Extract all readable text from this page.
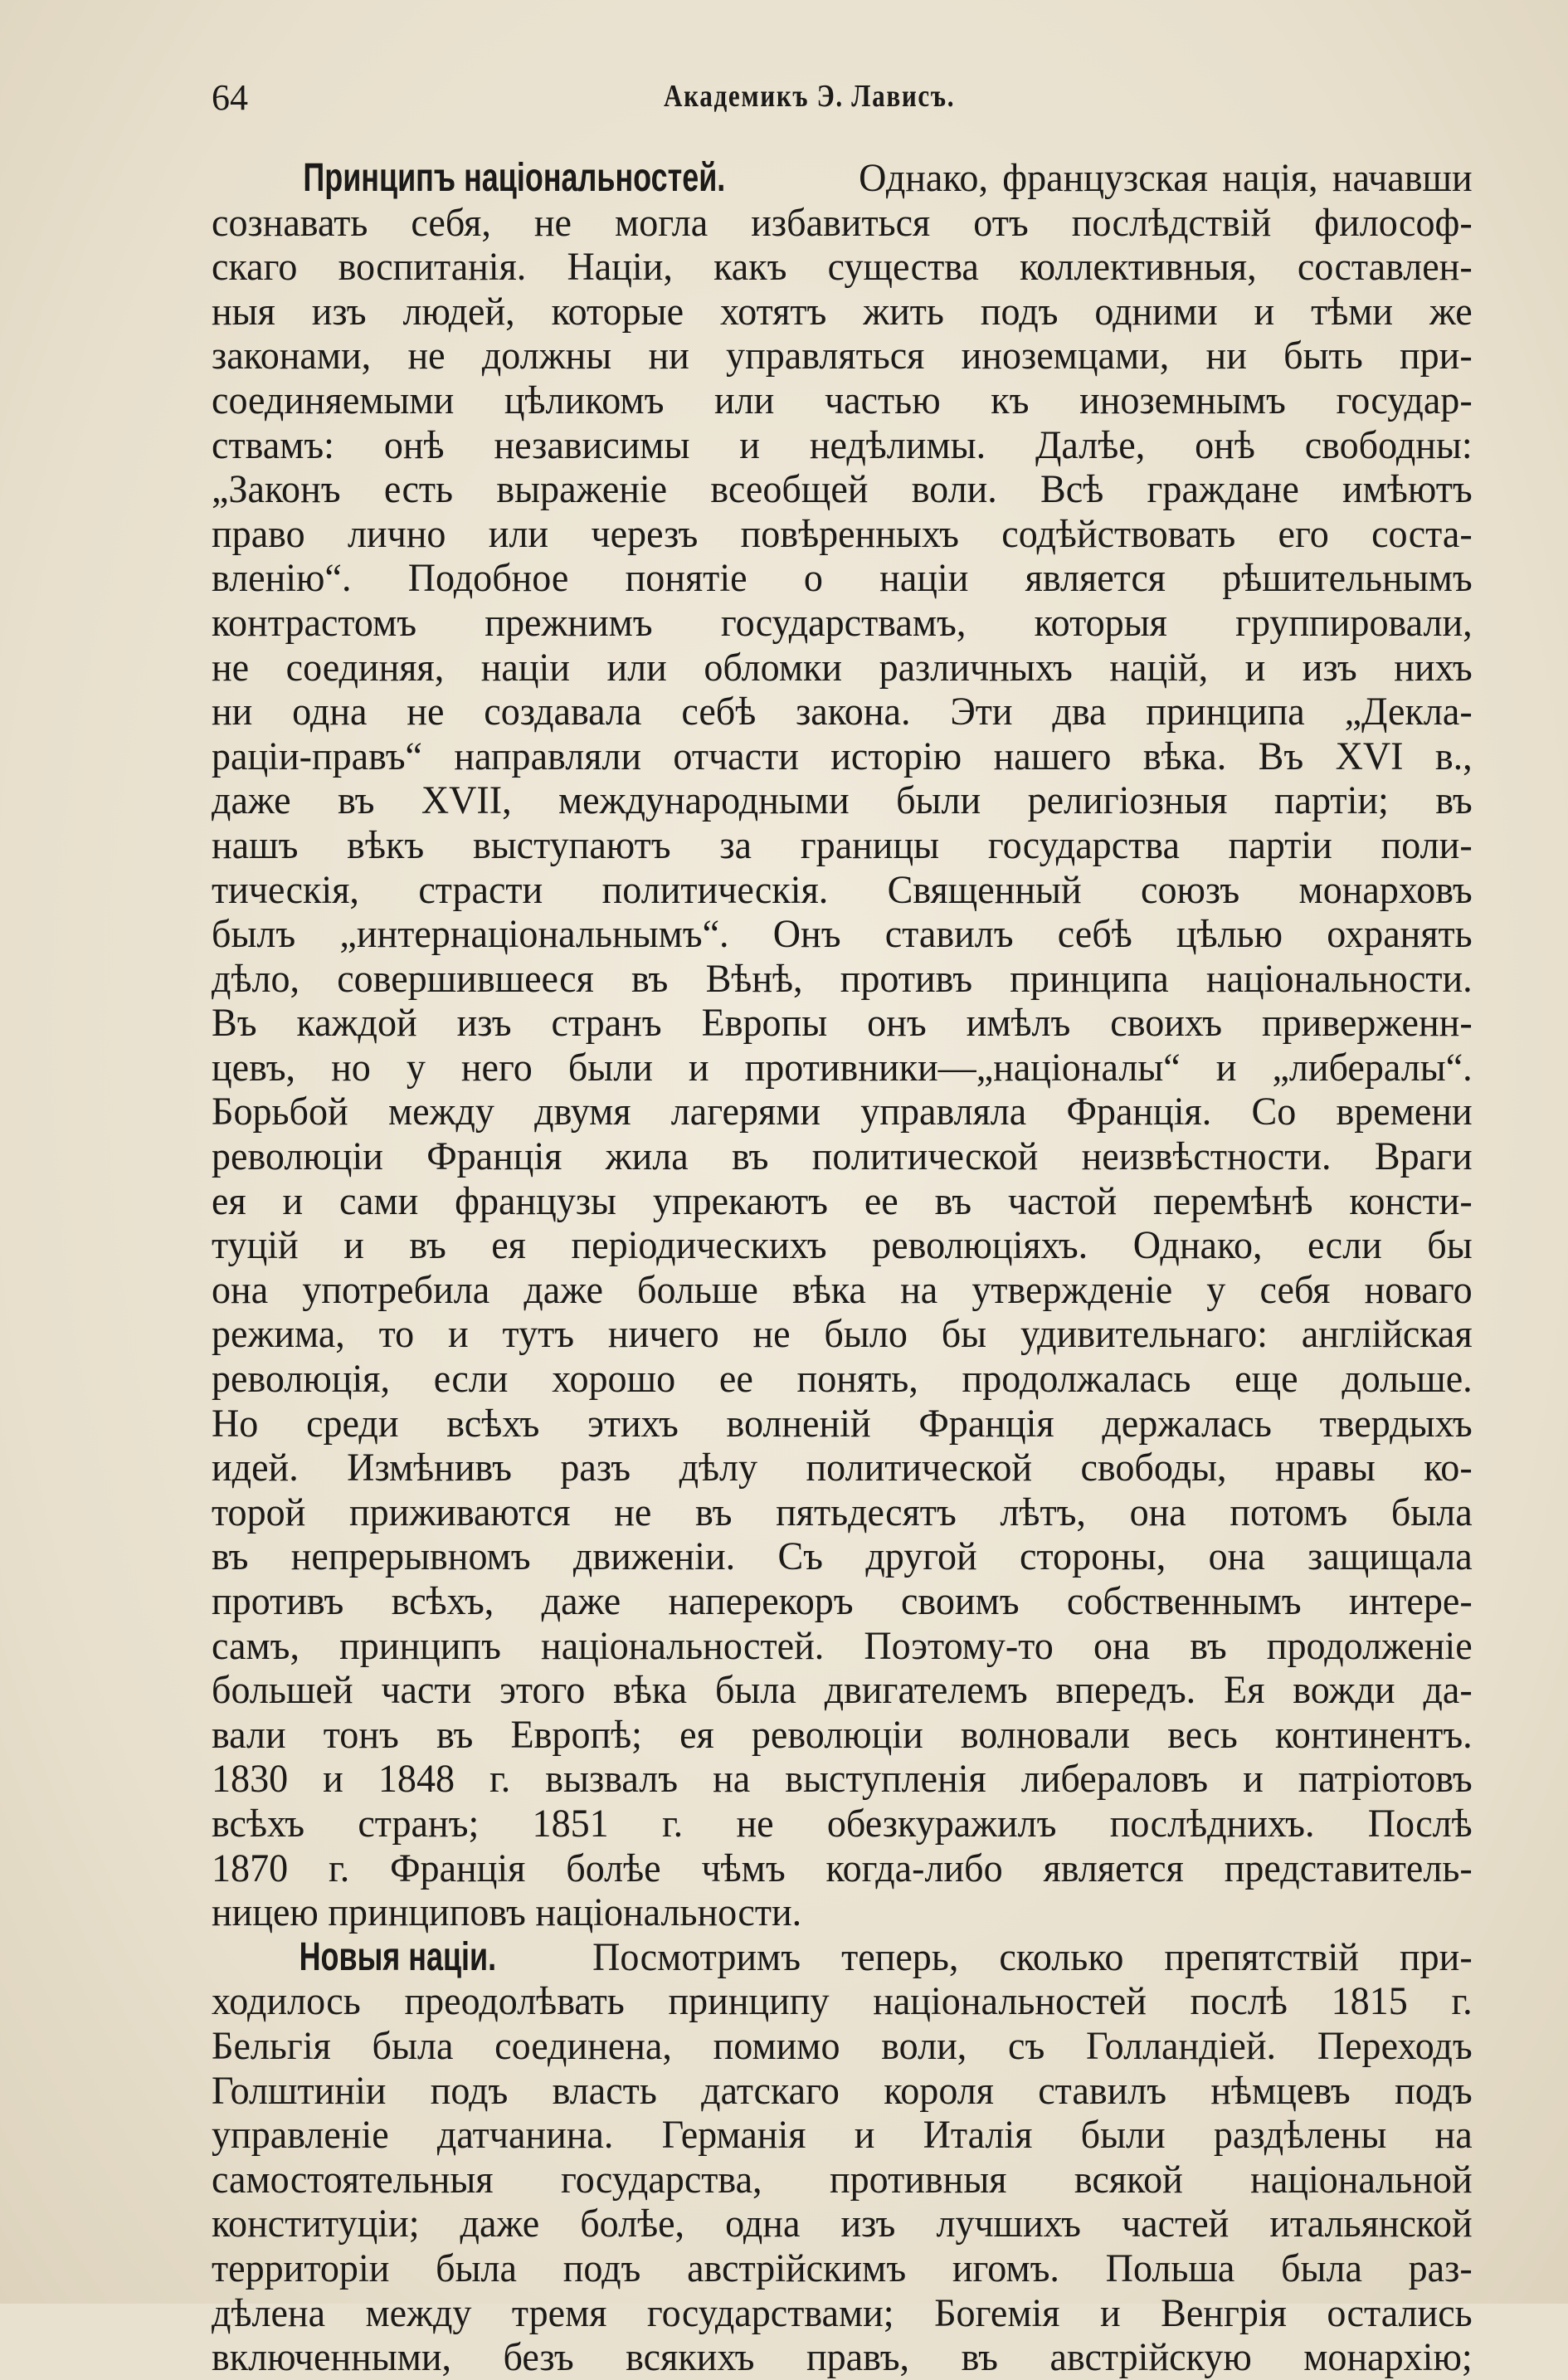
64	Академикъ Э. Лависъ.
Принципъ національностей.	Однако, французская нація, начавши
сознавать себя, не могла избавиться отъ послѣдствій философ-
скаго воспитанія. Націи, какъ существа коллективныя, составлен-
ныя изъ людей, которые хотятъ жить подъ одними и тѣми же
законами, не должны ни управляться иноземцами, ни быть при-
соединяемыми цѣликомъ или частью къ иноземнымъ государ-
ствамъ: онѣ независимы и недѣлимы. Далѣе, онѣ свободны:
„Законъ есть выраженіе всеобщей воли. Всѣ граждане имѣютъ
право лично или черезъ повѣренныхъ содѣйствовать его соста-
вленію“. Подобное понятіе о націи является рѣшительнымъ
контрастомъ прежнимъ государствамъ, которыя группировали,
не соединяя, націи или обломки различныхъ націй, и изъ нихъ
ни одна не создавала себѣ закона. Эти два принципа „Декла-
раціи-правъ“ направляли отчасти исторію нашего вѣка. Въ XVI в.,
даже въ XVII, международными были религіозныя партіи; въ
нашъ вѣкъ выступаютъ за границы государства партіи поли-
тическія, страсти политическія. Священный союзъ монарховъ
былъ „интернаціональнымъ“. Онъ ставилъ себѣ цѣлью охранять
дѣло, совершившееся въ Вѣнѣ, противъ принципа національности.
Въ каждой изъ странъ Европы онъ имѣлъ своихъ приверженн-
цевъ, но у него были и противники—„націоналы“ и „либералы“.
Борьбой между двумя лагерями управляла Франція. Со времени
революціи Франція жила въ политической неизвѣстности. Враги
ея и сами французы упрекаютъ ее въ частой перемѣнѣ консти-
туцій и въ ея періодическихъ революціяхъ. Однако, если бы
она употребила даже больше вѣка на утвержденіе у себя новаго
режима, то и тутъ ничего не было бы удивительнаго: англійская
революція, если хорошо ее понять, продолжалась еще дольше.
Но среди всѣхъ этихъ волненій Франція держалась твердыхъ
идей. Измѣнивъ разъ дѣлу политической свободы, нравы ко-
торой приживаются не въ пятьдесятъ лѣтъ, она потомъ была
въ непрерывномъ движеніи. Съ другой стороны, она защищала
противъ всѣхъ, даже наперекоръ своимъ собственнымъ интере-
самъ, принципъ національностей. Поэтому-то она въ продолженіе
большей части этого вѣка была двигателемъ впередъ. Ея вожди да-
вали тонъ въ Европѣ; ея революціи волновали весь континентъ.
1830 и 1848 г. вызвалъ на выступленія либераловъ и патріотовъ
всѣхъ странъ; 1851 г. не обезкуражилъ послѣднихъ. Послѣ
1870 г. Франція болѣе чѣмъ когда-либо является представитель-
ницею принциповъ національности.
Новыя націи. Посмотримъ теперь, сколько препятствій при-
ходилось преодолѣвать принципу національностей послѣ 1815 г.
Бельгія была соединена, помимо воли, съ Голландіей. Переходъ
Голштиніи подъ власть датскаго короля ставилъ нѣмцевъ подъ
управленіе датчанина. Германія и Италія были раздѣлены на
самостоятельныя государства, противныя всякой національной
конституціи; даже болѣе, одна изъ лучшихъ частей итальянской
территоріи была подъ австрійскимъ игомъ. Польша была раз-
дѣлена между тремя государствами; Богемія и Венгрія остались
включенными, безъ всякихъ правъ, въ австрійскую монархію;
